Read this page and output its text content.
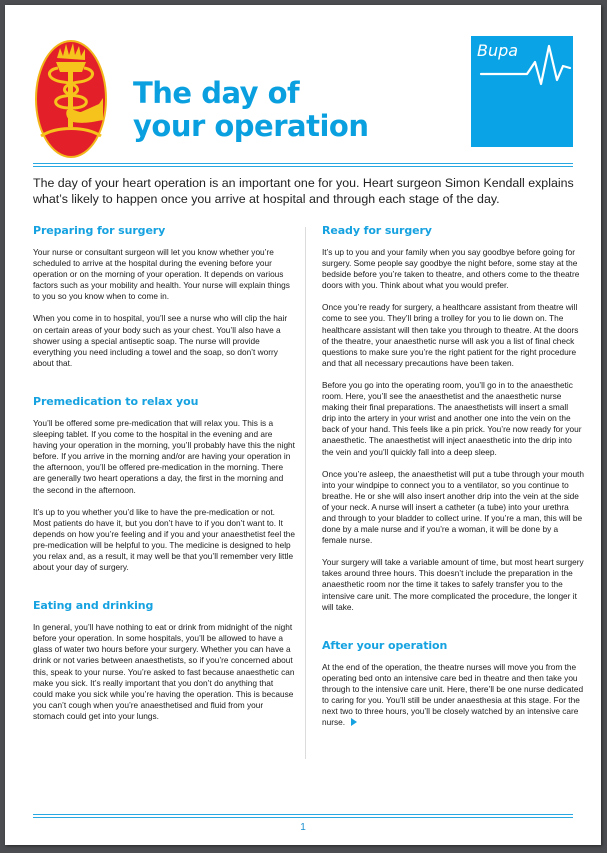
The day of
your operation
Bupa

The day of your heart operation is an important one for you. Heart surgeon Simon Kendall explains what’s likely to happen once you arrive at hospital and through each stage of the day.

Preparing for surgery

Your nurse or consultant surgeon will let you know whether you’re scheduled to arrive at the hospital during the evening before your operation or on the morning of your operation. It depends on various factors such as your mobility and health. Your nurse will explain things to you so you know when to come in.

When you come in to hospital, you’ll see a nurse who will clip the hair on certain areas of your body such as your chest. You’ll also have a shower using a special antiseptic soap. The nurse will provide everything you need including a towel and the soap, so don’t worry about that.

Premedication to relax you

You’ll be offered some pre-medication that will relax you. This is a sleeping tablet. If you come to the hospital in the evening and are having your operation in the morning, you’ll probably have this the night before. If you arrive in the morning and/or are having your operation in the afternoon, you’ll be offered pre-medication in the morning. There are generally two heart operations a day, the first in the morning and the second in the afternoon.

It’s up to you whether you’d like to have the pre-medication or not. Most patients do have it, but you don’t have to if you don’t want to. It depends on how you’re feeling and if you and your anaesthetist feel the pre-medication will be helpful to you. The medicine is designed to help you relax and, as a result, it may well be that you’ll remember very little about your day of surgery.

Eating and drinking

In general, you’ll have nothing to eat or drink from midnight of the night before your operation. In some hospitals, you’ll be allowed to have a glass of water two hours before your surgery. Whether you can have a drink or not varies between anaesthetists, so if you’re concerned about this, speak to your nurse. You’re asked to fast because anaesthetic can make you sick. It’s really important that you don’t do anything that could make you sick while you’re having the operation. This is because you can’t cough when you’re anaesthetised and fluid from your stomach could get into your lungs.

Ready for surgery

It’s up to you and your family when you say goodbye before going for surgery. Some people say goodbye the night before, some stay at the bedside before you’re taken to theatre, and others come to the theatre doors with you. Think about what you would prefer.

Once you’re ready for surgery, a healthcare assistant from theatre will come to see you. They’ll bring a trolley for you to lie down on. The healthcare assistant will then take you through to theatre. At the doors of the theatre, your anaesthetic nurse will ask you a list of final check questions to make sure you’re the right patient for the right procedure and that all necessary precautions have been taken.

Before you go into the operating room, you’ll go in to the anaesthetic room. Here, you’ll see the anaesthetist and the anaesthetic nurse making their final preparations. The anaesthetists will insert a small drip into the artery in your wrist and another one into the vein on the back of your hand. This feels like a pin prick. You’re now ready for your anaesthetic. The anaesthetist will inject anaesthetic into the drip into the vein and you’ll quickly fall into a deep sleep.

Once you’re asleep, the anaesthetist will put a tube through your mouth into your windpipe to connect you to a ventilator, so you continue to breathe. He or she will also insert another drip into the vein at the side of your neck. A nurse will insert a catheter (a tube) into your urethra and through to your bladder to collect urine. If you’re a man, this will be done by a male nurse and if you’re a woman, it will be done by a female nurse.

Your surgery will take a variable amount of time, but most heart surgery takes around three hours. This doesn’t include the preparation in the anaesthetic room nor the time it takes to safely transfer you to the intensive care unit. The more complicated the procedure, the longer it will take.

After your operation

At the end of the operation, the theatre nurses will move you from the operating bed onto an intensive care bed in theatre and then take you through to the intensive care unit. Here, there’ll be one nurse dedicated to caring for you. You’ll still be under anaesthesia at this stage. For the next two to three hours, you’ll be closely watched by an intensive care nurse.

1
